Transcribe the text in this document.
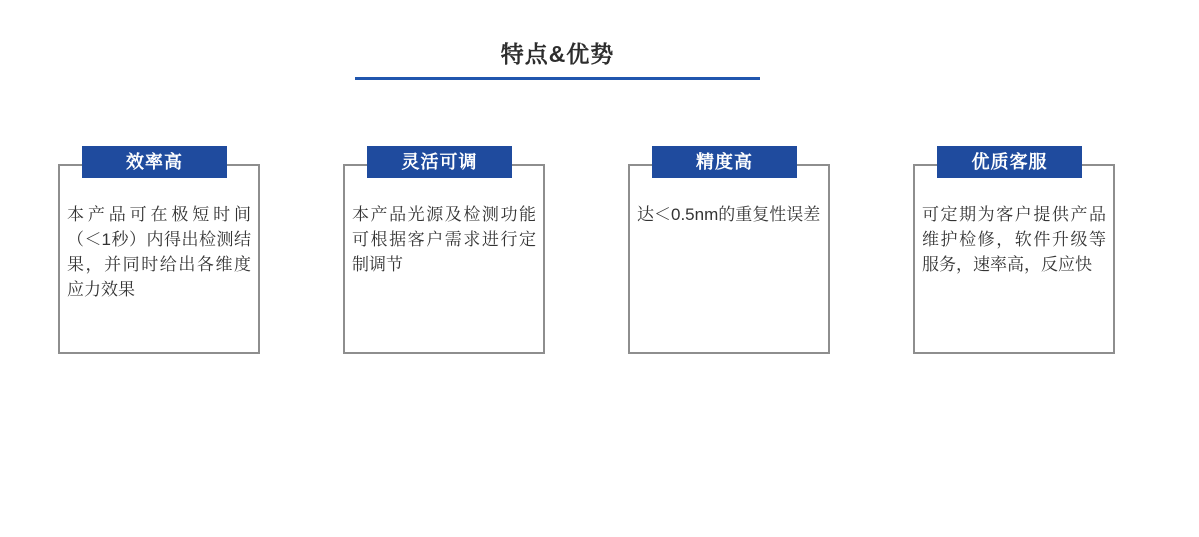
特点&优势
效率高

本产品可在极短时间（＜1秒）内得出检测结果，并同时给出各维度应力效果

灵活可调

本产品光源及检测功能可根据客户需求进行定制调节

精度高

达＜0.5nm的重复性误差

优质客服

可定期为客户提供产品维护检修，软件升级等服务，速率高，反应快
